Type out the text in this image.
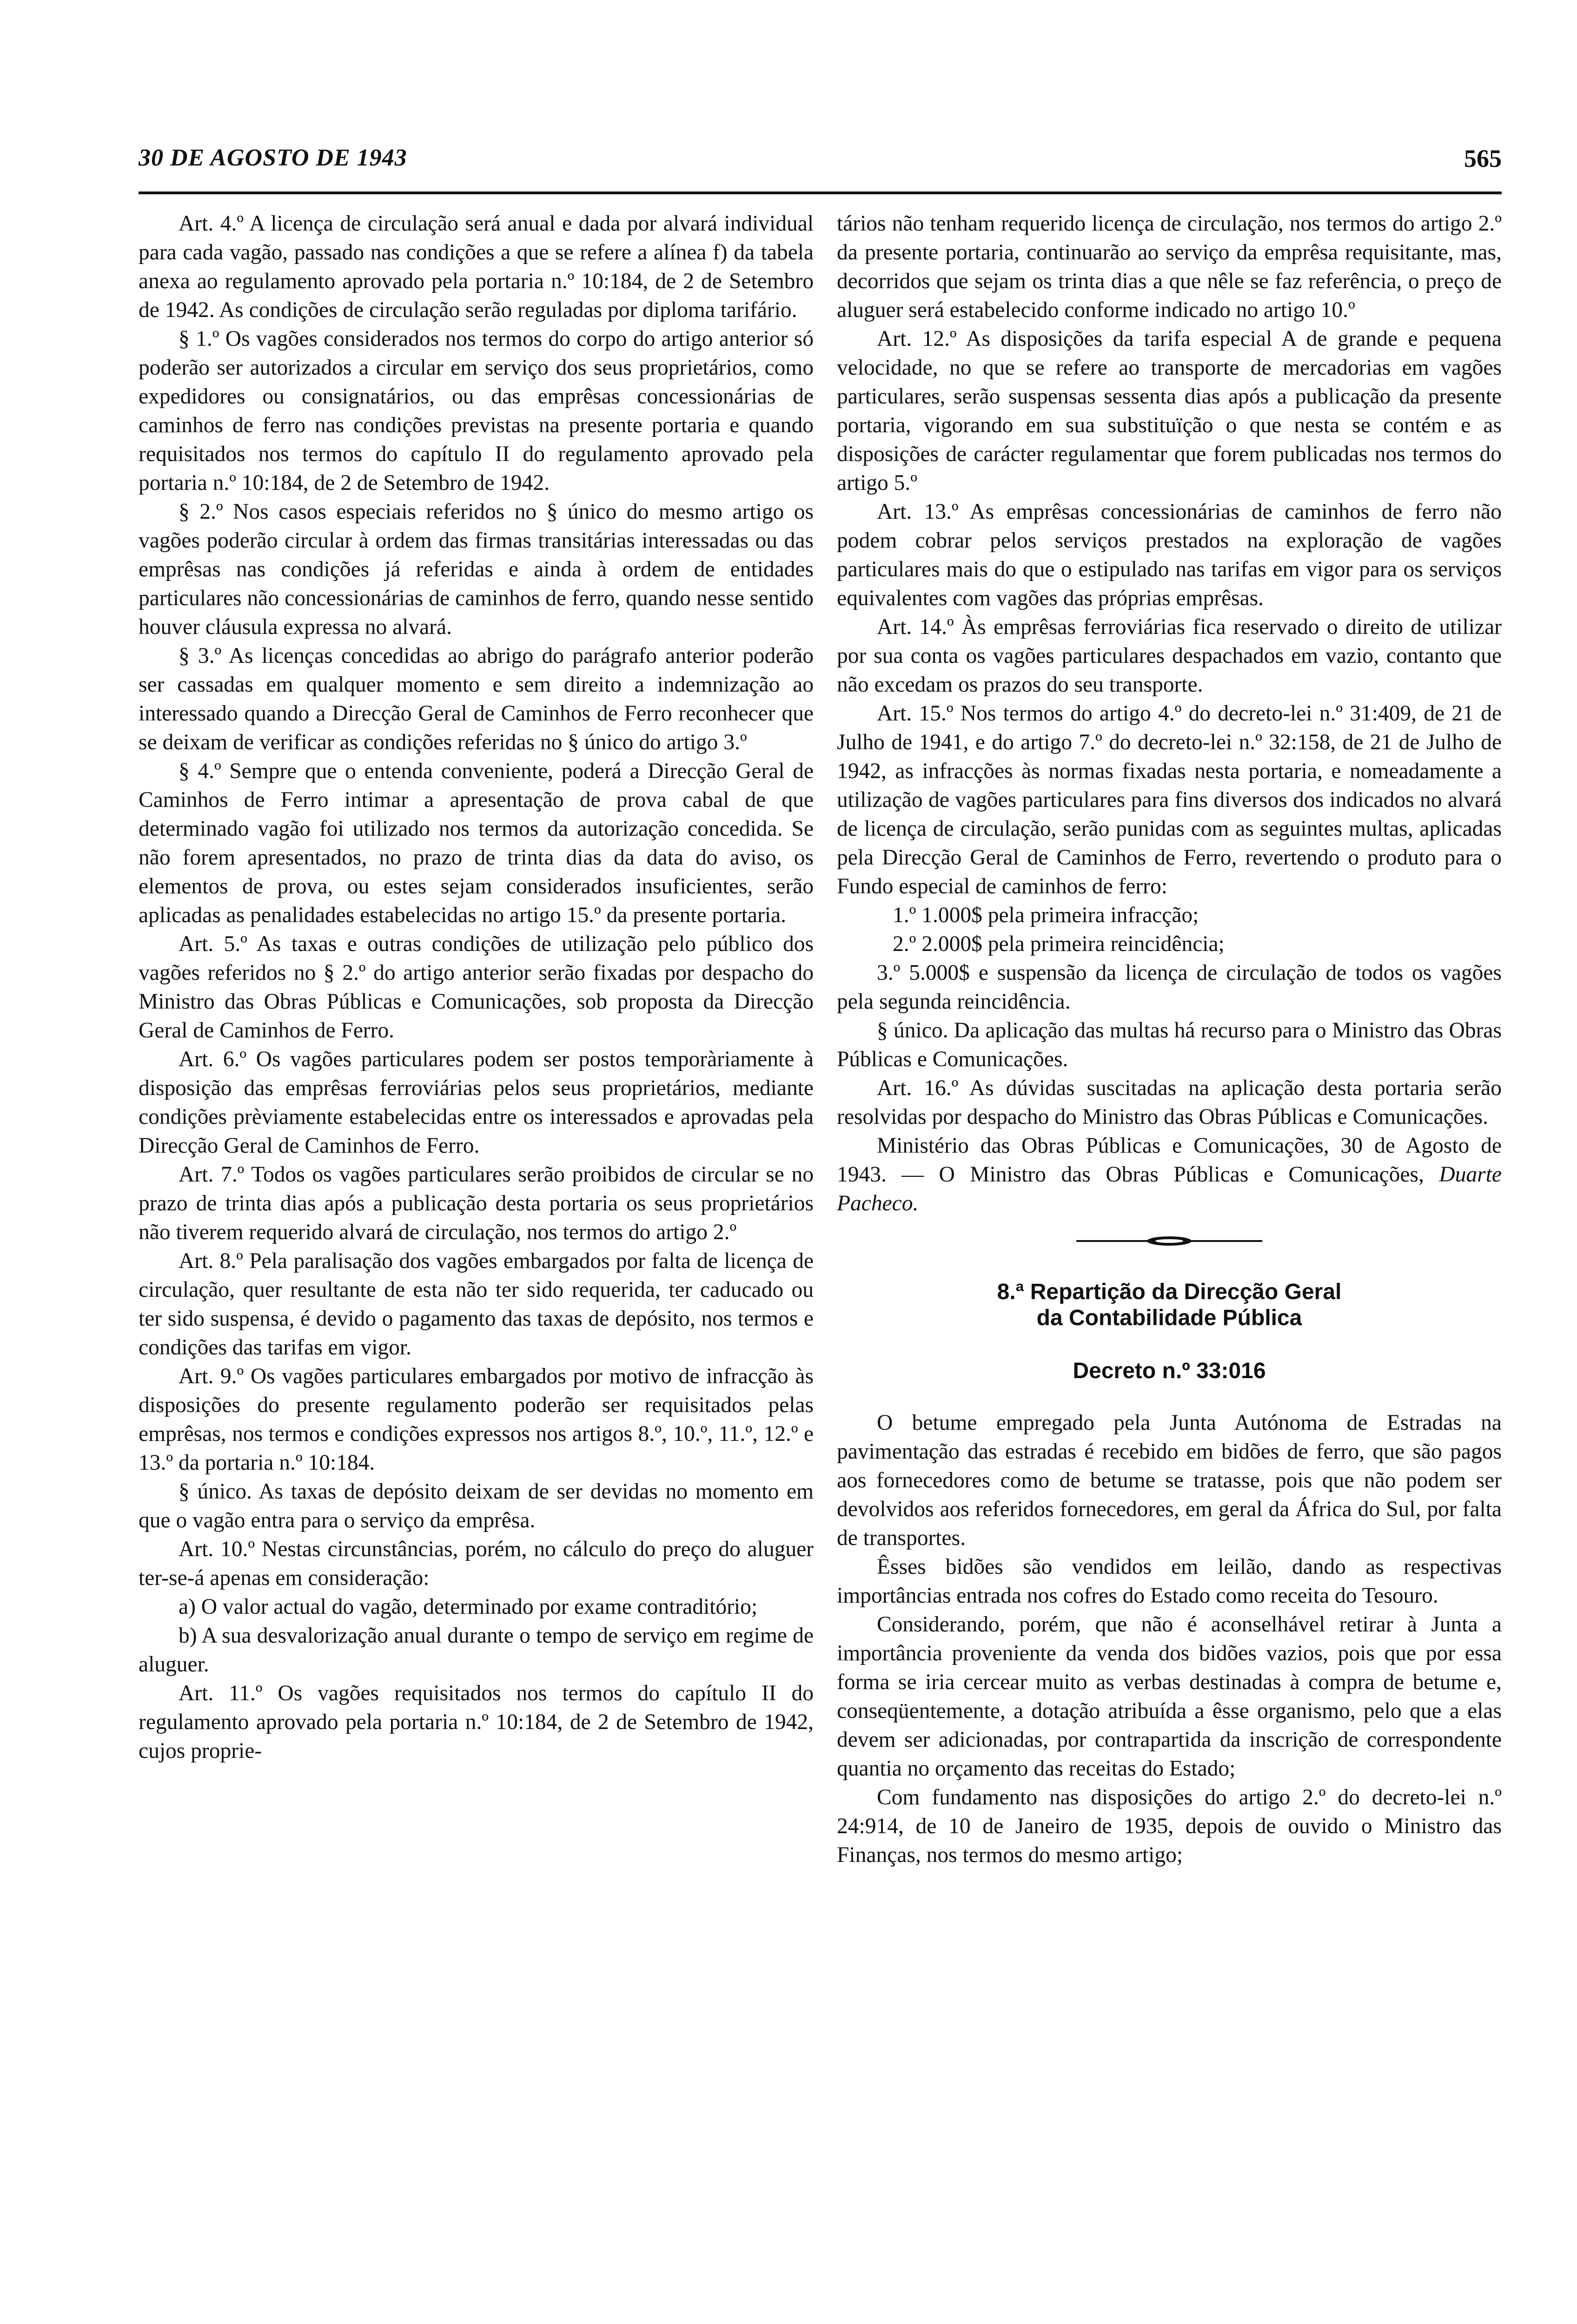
30 DE AGOSTO DE 1943	565

Art. 4.º A licença de circulação será anual e dada por alvará individual para cada vagão, passado nas condições a que se refere a alínea f) da tabela anexa ao regulamento aprovado pela portaria n.º 10:184, de 2 de Setembro de 1942. As condições de circulação serão reguladas por diploma tarifário.

§ 1.º Os vagões considerados nos termos do corpo do artigo anterior só poderão ser autorizados a circular em serviço dos seus proprietários, como expedidores ou consignatários, ou das emprêsas concessionárias de caminhos de ferro nas condições previstas na presente portaria e quando requisitados nos termos do capítulo II do regulamento aprovado pela portaria n.º 10:184, de 2 de Setembro de 1942.

§ 2.º Nos casos especiais referidos no § único do mesmo artigo os vagões poderão circular à ordem das firmas transitárias interessadas ou das emprêsas nas condições já referidas e ainda à ordem de entidades particulares não concessionárias de caminhos de ferro, quando nesse sentido houver cláusula expressa no alvará.

§ 3.º As licenças concedidas ao abrigo do parágrafo anterior poderão ser cassadas em qualquer momento e sem direito a indemnização ao interessado quando a Direcção Geral de Caminhos de Ferro reconhecer que se deixam de verificar as condições referidas no § único do artigo 3.º

§ 4.º Sempre que o entenda conveniente, poderá a Direcção Geral de Caminhos de Ferro intimar a apresentação de prova cabal de que determinado vagão foi utilizado nos termos da autorização concedida. Se não forem apresentados, no prazo de trinta dias da data do aviso, os elementos de prova, ou estes sejam considerados insuficientes, serão aplicadas as penalidades estabelecidas no artigo 15.º da presente portaria.

Art. 5.º As taxas e outras condições de utilização pelo público dos vagões referidos no § 2.º do artigo anterior serão fixadas por despacho do Ministro das Obras Públicas e Comunicações, sob proposta da Direcção Geral de Caminhos de Ferro.

Art. 6.º Os vagões particulares podem ser postos temporàriamente à disposição das emprêsas ferroviárias pelos seus proprietários, mediante condições prèviamente estabelecidas entre os interessados e aprovadas pela Direcção Geral de Caminhos de Ferro.

Art. 7.º Todos os vagões particulares serão proibidos de circular se no prazo de trinta dias após a publicação desta portaria os seus proprietários não tiverem requerido alvará de circulação, nos termos do artigo 2.º

Art. 8.º Pela paralisação dos vagões embargados por falta de licença de circulação, quer resultante de esta não ter sido requerida, ter caducado ou ter sido suspensa, é devido o pagamento das taxas de depósito, nos termos e condições das tarifas em vigor.

Art. 9.º Os vagões particulares embargados por motivo de infracção às disposições do presente regulamento poderão ser requisitados pelas emprêsas, nos termos e condições expressos nos artigos 8.º, 10.º, 11.º, 12.º e 13.º da portaria n.º 10:184.

§ único. As taxas de depósito deixam de ser devidas no momento em que o vagão entra para o serviço da emprêsa.

Art. 10.º Nestas circunstâncias, porém, no cálculo do preço do aluguer ter-se-á apenas em consideração:

a) O valor actual do vagão, determinado por exame contraditório;

b) A sua desvalorização anual durante o tempo de serviço em regime de aluguer.

Art. 11.º Os vagões requisitados nos termos do capítulo II do regulamento aprovado pela portaria n.º 10:184, de 2 de Setembro de 1942, cujos proprie-

tários não tenham requerido licença de circulação, nos termos do artigo 2.º da presente portaria, continuarão ao serviço da emprêsa requisitante, mas, decorridos que sejam os trinta dias a que nêle se faz referência, o preço de aluguer será estabelecido conforme indicado no artigo 10.º

Art. 12.º As disposições da tarifa especial A de grande e pequena velocidade, no que se refere ao transporte de mercadorias em vagões particulares, serão suspensas sessenta dias após a publicação da presente portaria, vigorando em sua substituïção o que nesta se contém e as disposições de carácter regulamentar que forem publicadas nos termos do artigo 5.º

Art. 13.º As emprêsas concessionárias de caminhos de ferro não podem cobrar pelos serviços prestados na exploração de vagões particulares mais do que o estipulado nas tarifas em vigor para os serviços equivalentes com vagões das próprias emprêsas.

Art. 14.º Às emprêsas ferroviárias fica reservado o direito de utilizar por sua conta os vagões particulares despachados em vazio, contanto que não excedam os prazos do seu transporte.

Art. 15.º Nos termos do artigo 4.º do decreto-lei n.º 31:409, de 21 de Julho de 1941, e do artigo 7.º do decreto-lei n.º 32:158, de 21 de Julho de 1942, as infracções às normas fixadas nesta portaria, e nomeadamente a utilização de vagões particulares para fins diversos dos indicados no alvará de licença de circulação, serão punidas com as seguintes multas, aplicadas pela Direcção Geral de Caminhos de Ferro, revertendo o produto para o Fundo especial de caminhos de ferro:

1.º 1.000$ pela primeira infracção;

2.º 2.000$ pela primeira reincidência;

3.º 5.000$ e suspensão da licença de circulação de todos os vagões pela segunda reincidência.

§ único. Da aplicação das multas há recurso para o Ministro das Obras Públicas e Comunicações.

Art. 16.º As dúvidas suscitadas na aplicação desta portaria serão resolvidas por despacho do Ministro das Obras Públicas e Comunicações.

Ministério das Obras Públicas e Comunicações, 30 de Agosto de 1943. — O Ministro das Obras Públicas e Comunicações, Duarte Pacheco.

8.ª Repartição da Direcção Geral
da Contabilidade Pública
Decreto n.º 33:016

O betume empregado pela Junta Autónoma de Estradas na pavimentação das estradas é recebido em bidões de ferro, que são pagos aos fornecedores como de betume se tratasse, pois que não podem ser devolvidos aos referidos fornecedores, em geral da África do Sul, por falta de transportes.

Êsses bidões são vendidos em leilão, dando as respectivas importâncias entrada nos cofres do Estado como receita do Tesouro.

Considerando, porém, que não é aconselhável retirar à Junta a importância proveniente da venda dos bidões vazios, pois que por essa forma se iria cercear muito as verbas destinadas à compra de betume e, conseqüentemente, a dotação atribuída a êsse organismo, pelo que a elas devem ser adicionadas, por contrapartida da inscrição de correspondente quantia no orçamento das receitas do Estado;

Com fundamento nas disposições do artigo 2.º do decreto-lei n.º 24:914, de 10 de Janeiro de 1935, depois de ouvido o Ministro das Finanças, nos termos do mesmo artigo;
